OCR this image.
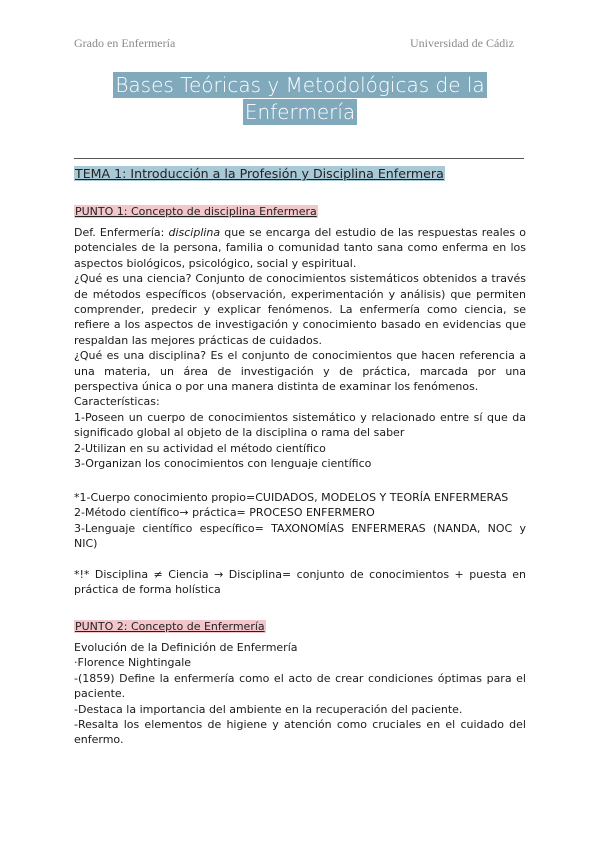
Grado en Enfermería	Universidad de Cádiz
Bases Teóricas y Metodológicas de la
Enfermería
TEMA 1: Introducción a la Profesión y Disciplina Enfermera
PUNTO 1: Concepto de disciplina Enfermera

Def. Enfermería: disciplina que se encarga del estudio de las respuestas reales o potenciales de la persona, familia o comunidad tanto sana como enferma en los aspectos biológicos, psicológico, social y espiritual.

¿Qué es una ciencia? Conjunto de conocimientos sistemáticos obtenidos a través de métodos específicos (observación, experimentación y análisis) que permiten comprender, predecir y explicar fenómenos. La enfermería como ciencia, se refiere a los aspectos de investigación y conocimiento basado en evidencias que respaldan las mejores prácticas de cuidados.

¿Qué es una disciplina? Es el conjunto de conocimientos que hacen referencia a una materia, un área de investigación y de práctica, marcada por una perspectiva única o por una manera distinta de examinar los fenómenos.

Características:

1-Poseen un cuerpo de conocimientos sistemático y relacionado entre sí que da significado global al objeto de la disciplina o rama del saber

2-Utilizan en su actividad el método científico

3-Organizan los conocimientos con lenguaje científico

*1-Cuerpo conocimiento propio=CUIDADOS, MODELOS Y TEORÍA ENFERMERAS

2-Método científico→ práctica= PROCESO ENFERMERO

3-Lenguaje científico específico= TAXONOMÍAS ENFERMERAS (NANDA, NOC y NIC)

*!* Disciplina ≠ Ciencia → Disciplina= conjunto de conocimientos + puesta en práctica de forma holística

PUNTO 2: Concepto de Enfermería

Evolución de la Definición de Enfermería

·Florence Nightingale

-(1859) Define la enfermería como el acto de crear condiciones óptimas para el paciente.

-Destaca la importancia del ambiente en la recuperación del paciente.

-Resalta los elementos de higiene y atención como cruciales en el cuidado del enfermo.
